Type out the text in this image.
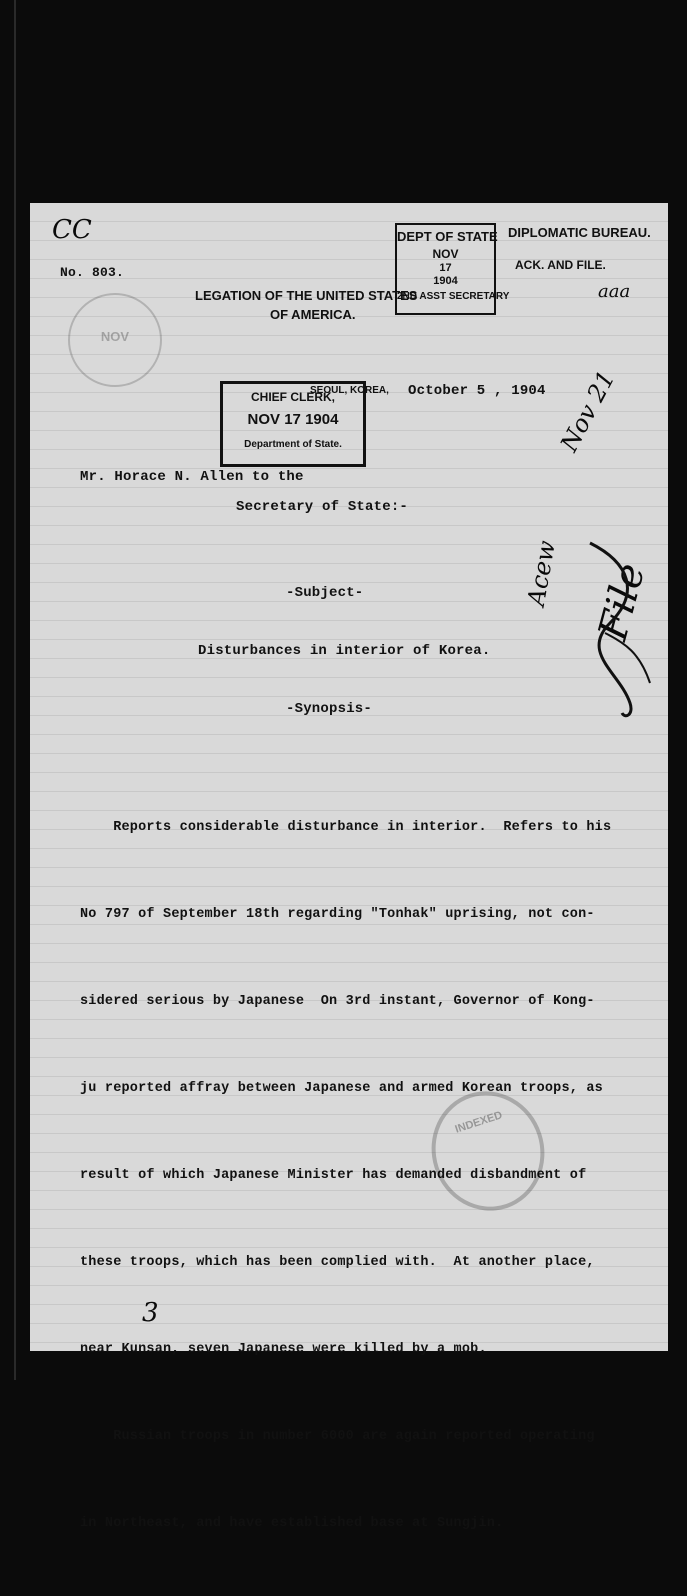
CC
No. 803.
NOV
LEGATION OF THE UNITED STATES
OF AMERICA.
DEPT OF STATE
NOV
17
1904
2ND ASST SECRETARY
DIPLOMATIC BUREAU.
ACK. AND FILE.
aaa
CHIEF CLERK,
NOV 17 1904
Department of State.
SEOUL, KOREA, October 5 , 1904
Mr. Horace N. Allen to the
Secretary of State:-
-Subject-
Disturbances in interior of Korea.
-Synopsis-

Reports considerable disturbance in interior.  Refers to his

No 797 of September 18th regarding "Tonhak" uprising, not con-

sidered serious by Japanese  On 3rd instant, Governor of Kong-

ju reported affray between Japanese and armed Korean troops, as

result of which Japanese Minister has demanded disbandment of

these troops, which has been complied with.  At another place,

near Kunsan, seven Japanese were killed by a mob.

Russian troops in number 6000 are again reported operating

in Northeast, and have established base at Sungjin.

Nov 21
Acew File
INDEXED
3
